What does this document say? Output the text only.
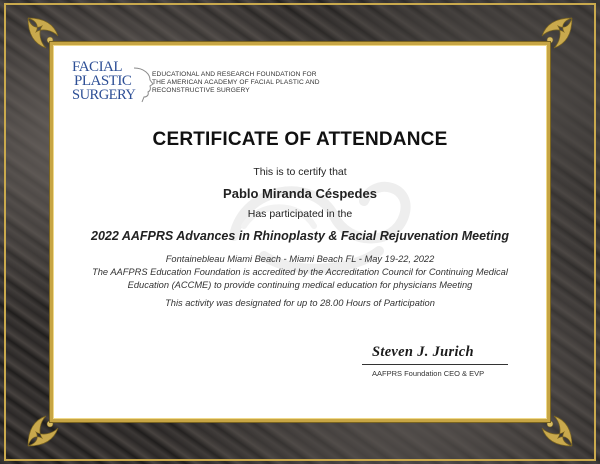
FACIAL
PLASTIC
SURGERY
EDUCATIONAL AND RESEARCH FOUNDATION FOR
THE AMERICAN ACADEMY OF FACIAL PLASTIC AND
RECONSTRUCTIVE SURGERY
CERTIFICATE OF ATTENDANCE
This is to certify that
Pablo Miranda Céspedes
Has participated in the
2022 AAFPRS Advances in Rhinoplasty & Facial Rejuvenation Meeting
Fontainebleau Miami Beach - Miami Beach FL - May 19-22, 2022
The AAFPRS Education Foundation is accredited by the Accreditation Council for Continuing Medical
Education (ACCME) to provide continuing medical education for physicians Meeting
This activity was designated for up to 28.00 Hours of Participation
Steven J. Jurich
AAFPRS Foundation CEO & EVP
